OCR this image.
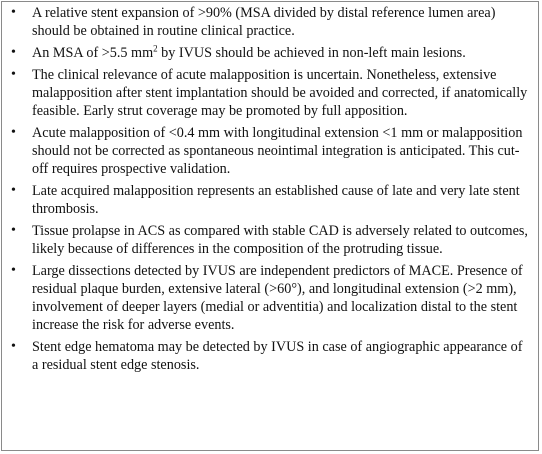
• A relative stent expansion of >90% (MSA divided by distal reference lumen area) should be obtained in routine clinical practice.
• An MSA of >5.5 $mm^2$ by IVUS should be achieved in non-left main lesions.
• The clinical relevance of acute malapposition is uncertain. Nonetheless, extensive malapposition after stent implantation should be avoided and corrected, if anatomically feasible. Early strut coverage may be promoted by full apposition.
• Acute malapposition of <0.4 mm with longitudinal extension <1 mm or malapposition should not be corrected as spontaneous neointimal integration is anticipated. This cut-off requires prospective validation.
• Late acquired malapposition represents an established cause of late and very late stent thrombosis.
• Tissue prolapse in ACS as compared with stable CAD is adversely related to outcomes, likely because of differences in the composition of the protruding tissue.
• Large dissections detected by IVUS are independent predictors of MACE. Presence of residual plaque burden, extensive lateral (>60°), and longitudinal extension (>2 mm), involvement of deeper layers (medial or adventitia) and localization distal to the stent increase the risk for adverse events.
• Stent edge hematoma may be detected by IVUS in case of angiographic appearance of a residual stent edge stenosis.
